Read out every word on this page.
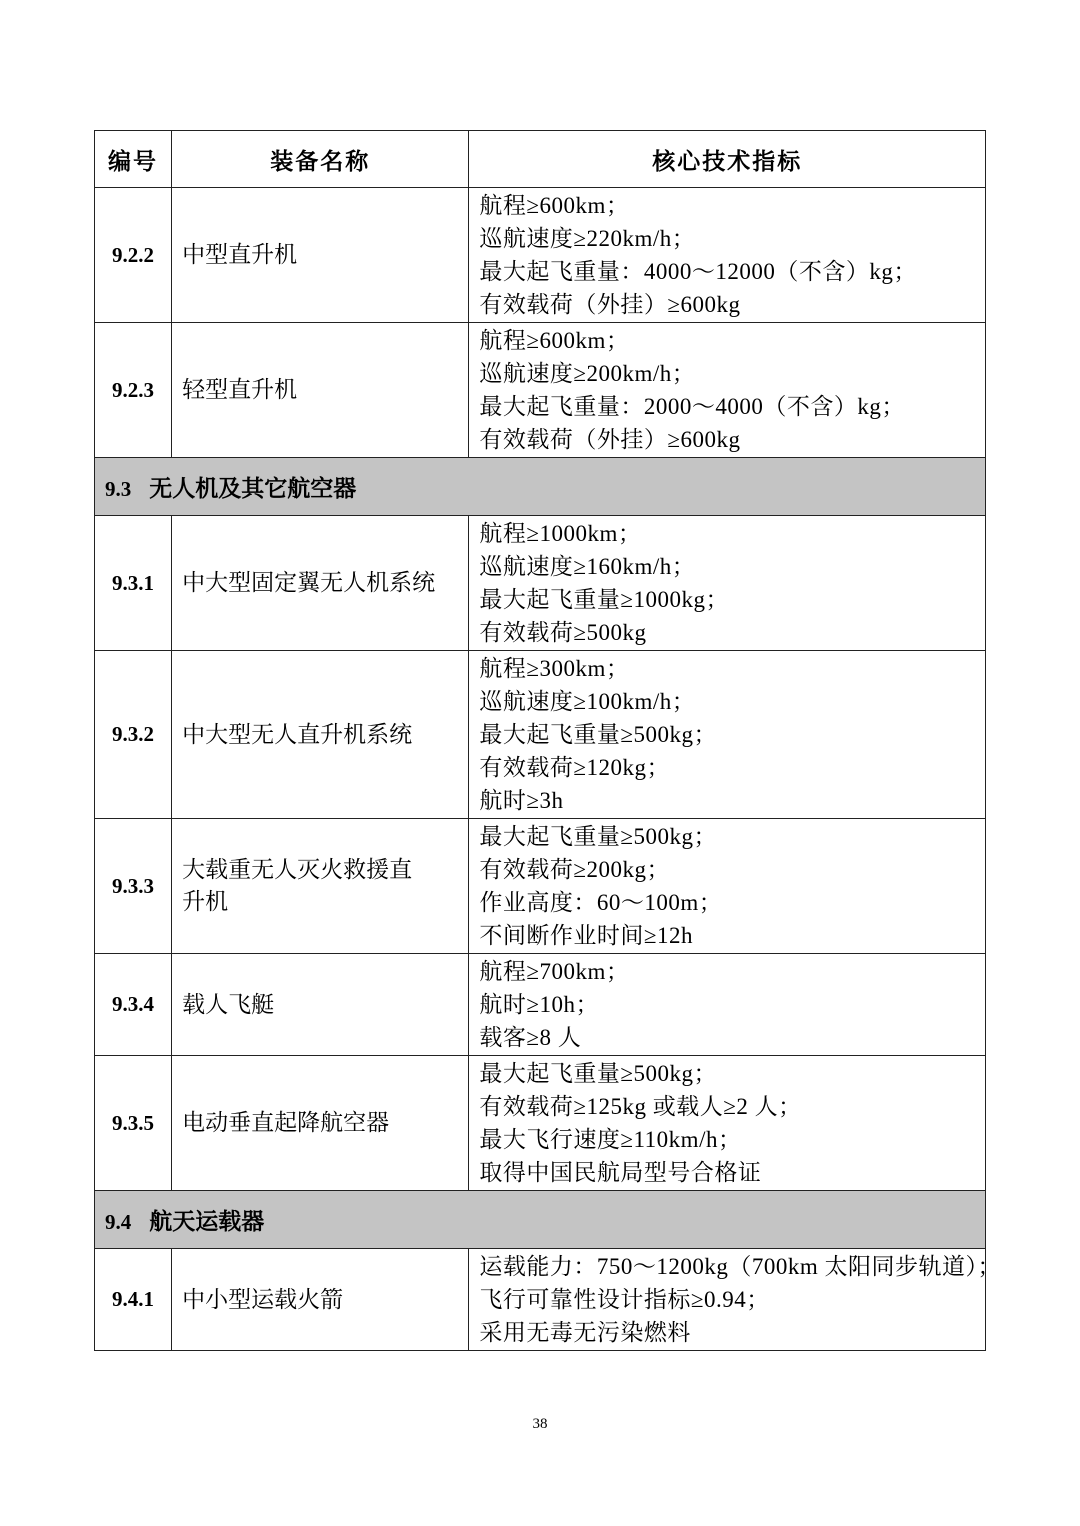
编号	装备名称	核心技术指标
9.2.2	中型直升机	航程≥600km；
巡航速度≥220km/h；
最大起飞重量：4000～12000（不含）kg；
有效载荷（外挂）≥600kg

9.2.3	轻型直升机	航程≥600km；
巡航速度≥200km/h；
最大起飞重量：2000～4000（不含）kg；
有效载荷（外挂）≥600kg

9.3 无人机及其它航空器		
9.3.1	中大型固定翼无人机系统	航程≥1000km；
巡航速度≥160km/h；
最大起飞重量≥1000kg；
有效载荷≥500kg

9.3.2	中大型无人直升机系统	航程≥300km；
巡航速度≥100km/h；
最大起飞重量≥500kg；
有效载荷≥120kg；
航时≥3h

9.3.3	大载重无人灭火救援直升机	最大起飞重量≥500kg；
有效载荷≥200kg；
作业高度：60～100m；
不间断作业时间≥12h

9.3.4	载人飞艇	航程≥700km；
航时≥10h；
载客≥8 人

9.3.5	电动垂直起降航空器	最大起飞重量≥500kg；
有效载荷≥125kg 或载人≥2 人；
最大飞行速度≥110km/h；
取得中国民航局型号合格证

9.4 航天运载器		
9.4.1	中小型运载火箭	运载能力：750～1200kg（700km 太阳同步轨道）；
飞行可靠性设计指标≥0.94；
采用无毒无污染燃料
38
